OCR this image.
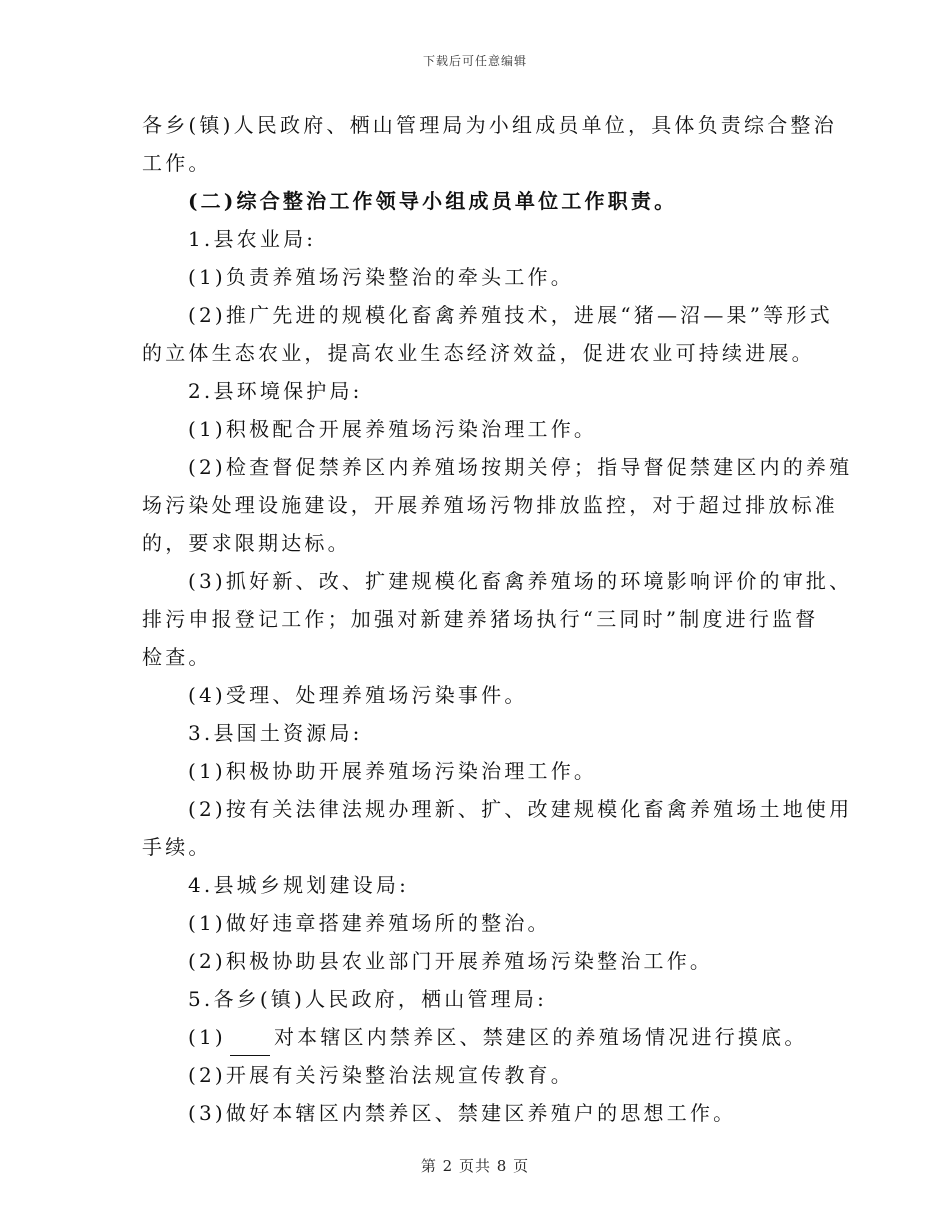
下载后可任意编辑
各乡(镇)人民政府、栖山管理局为小组成员单位，具体负责综合整治
工作。
(二)综合整治工作领导小组成员单位工作职责。
1.县农业局:
(1)负责养殖场污染整治的牵头工作。
(2)推广先进的规模化畜禽养殖技术，进展“猪—沼—果”等形式
的立体生态农业，提高农业生态经济效益，促进农业可持续进展。
2.县环境保护局:
(1)积极配合开展养殖场污染治理工作。
(2)检查督促禁养区内养殖场按期关停；指导督促禁建区内的养殖
场污染处理设施建设，开展养殖场污物排放监控，对于超过排放标准
的，要求限期达标。
(3)抓好新、改、扩建规模化畜禽养殖场的环境影响评价的审批、
排污申报登记工作；加强对新建养猪场执行“三同时”制度进行监督
检查。
(4)受理、处理养殖场污染事件。
3.县国土资源局:
(1)积极协助开展养殖场污染治理工作。
(2)按有关法律法规办理新、扩、改建规模化畜禽养殖场土地使用
手续。
4.县城乡规划建设局:
(1)做好违章搭建养殖场所的整治。
(2)积极协助县农业部门开展养殖场污染整治工作。
5.各乡(镇)人民政府，栖山管理局:
(1) 对本辖区内禁养区、禁建区的养殖场情况进行摸底。
(2)开展有关污染整治法规宣传教育。
(3)做好本辖区内禁养区、禁建区养殖户的思想工作。
第 2 页共 8 页
